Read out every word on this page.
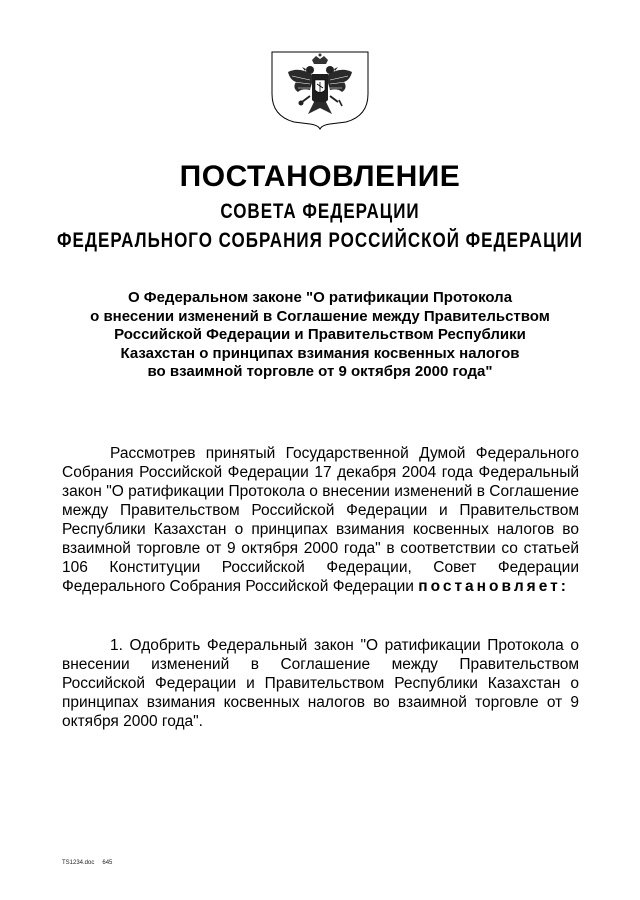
ПОСТАНОВЛЕНИЕ
СОВЕТА ФЕДЕРАЦИИ
ФЕДЕРАЛЬНОГО СОБРАНИЯ РОССИЙСКОЙ ФЕДЕРАЦИИ
О Федеральном законе "О ратификации Протокола
о внесении изменений в Соглашение между Правительством
Российской Федерации и Правительством Республики
Казахстан о принципах взимания косвенных налогов
во взаимной торговле от 9 октября 2000 года"

Рассмотрев принятый Государственной Думой Федерального Собрания Российской Федерации 17 декабря 2004 года Федеральный закон "О ратификации Протокола о внесении изменений в Соглашение между Правительством Российской Федерации и Правительством Республики Казахстан о принципах взимания косвенных налогов во взаимной торговле от 9 октября 2000 года" в соответствии со статьей 106 Конституции Российской Федерации, Совет Федерации Федерального Собрания Российской Федерации постановляет:

1. Одобрить Федеральный закон "О ратификации Протокола о внесении изменений в Соглашение между Правительством Российской Федерации и Правительством Республики Казахстан о принципах взимания косвенных налогов во взаимной торговле от 9 октября 2000 года".

TS1234.doc 645
